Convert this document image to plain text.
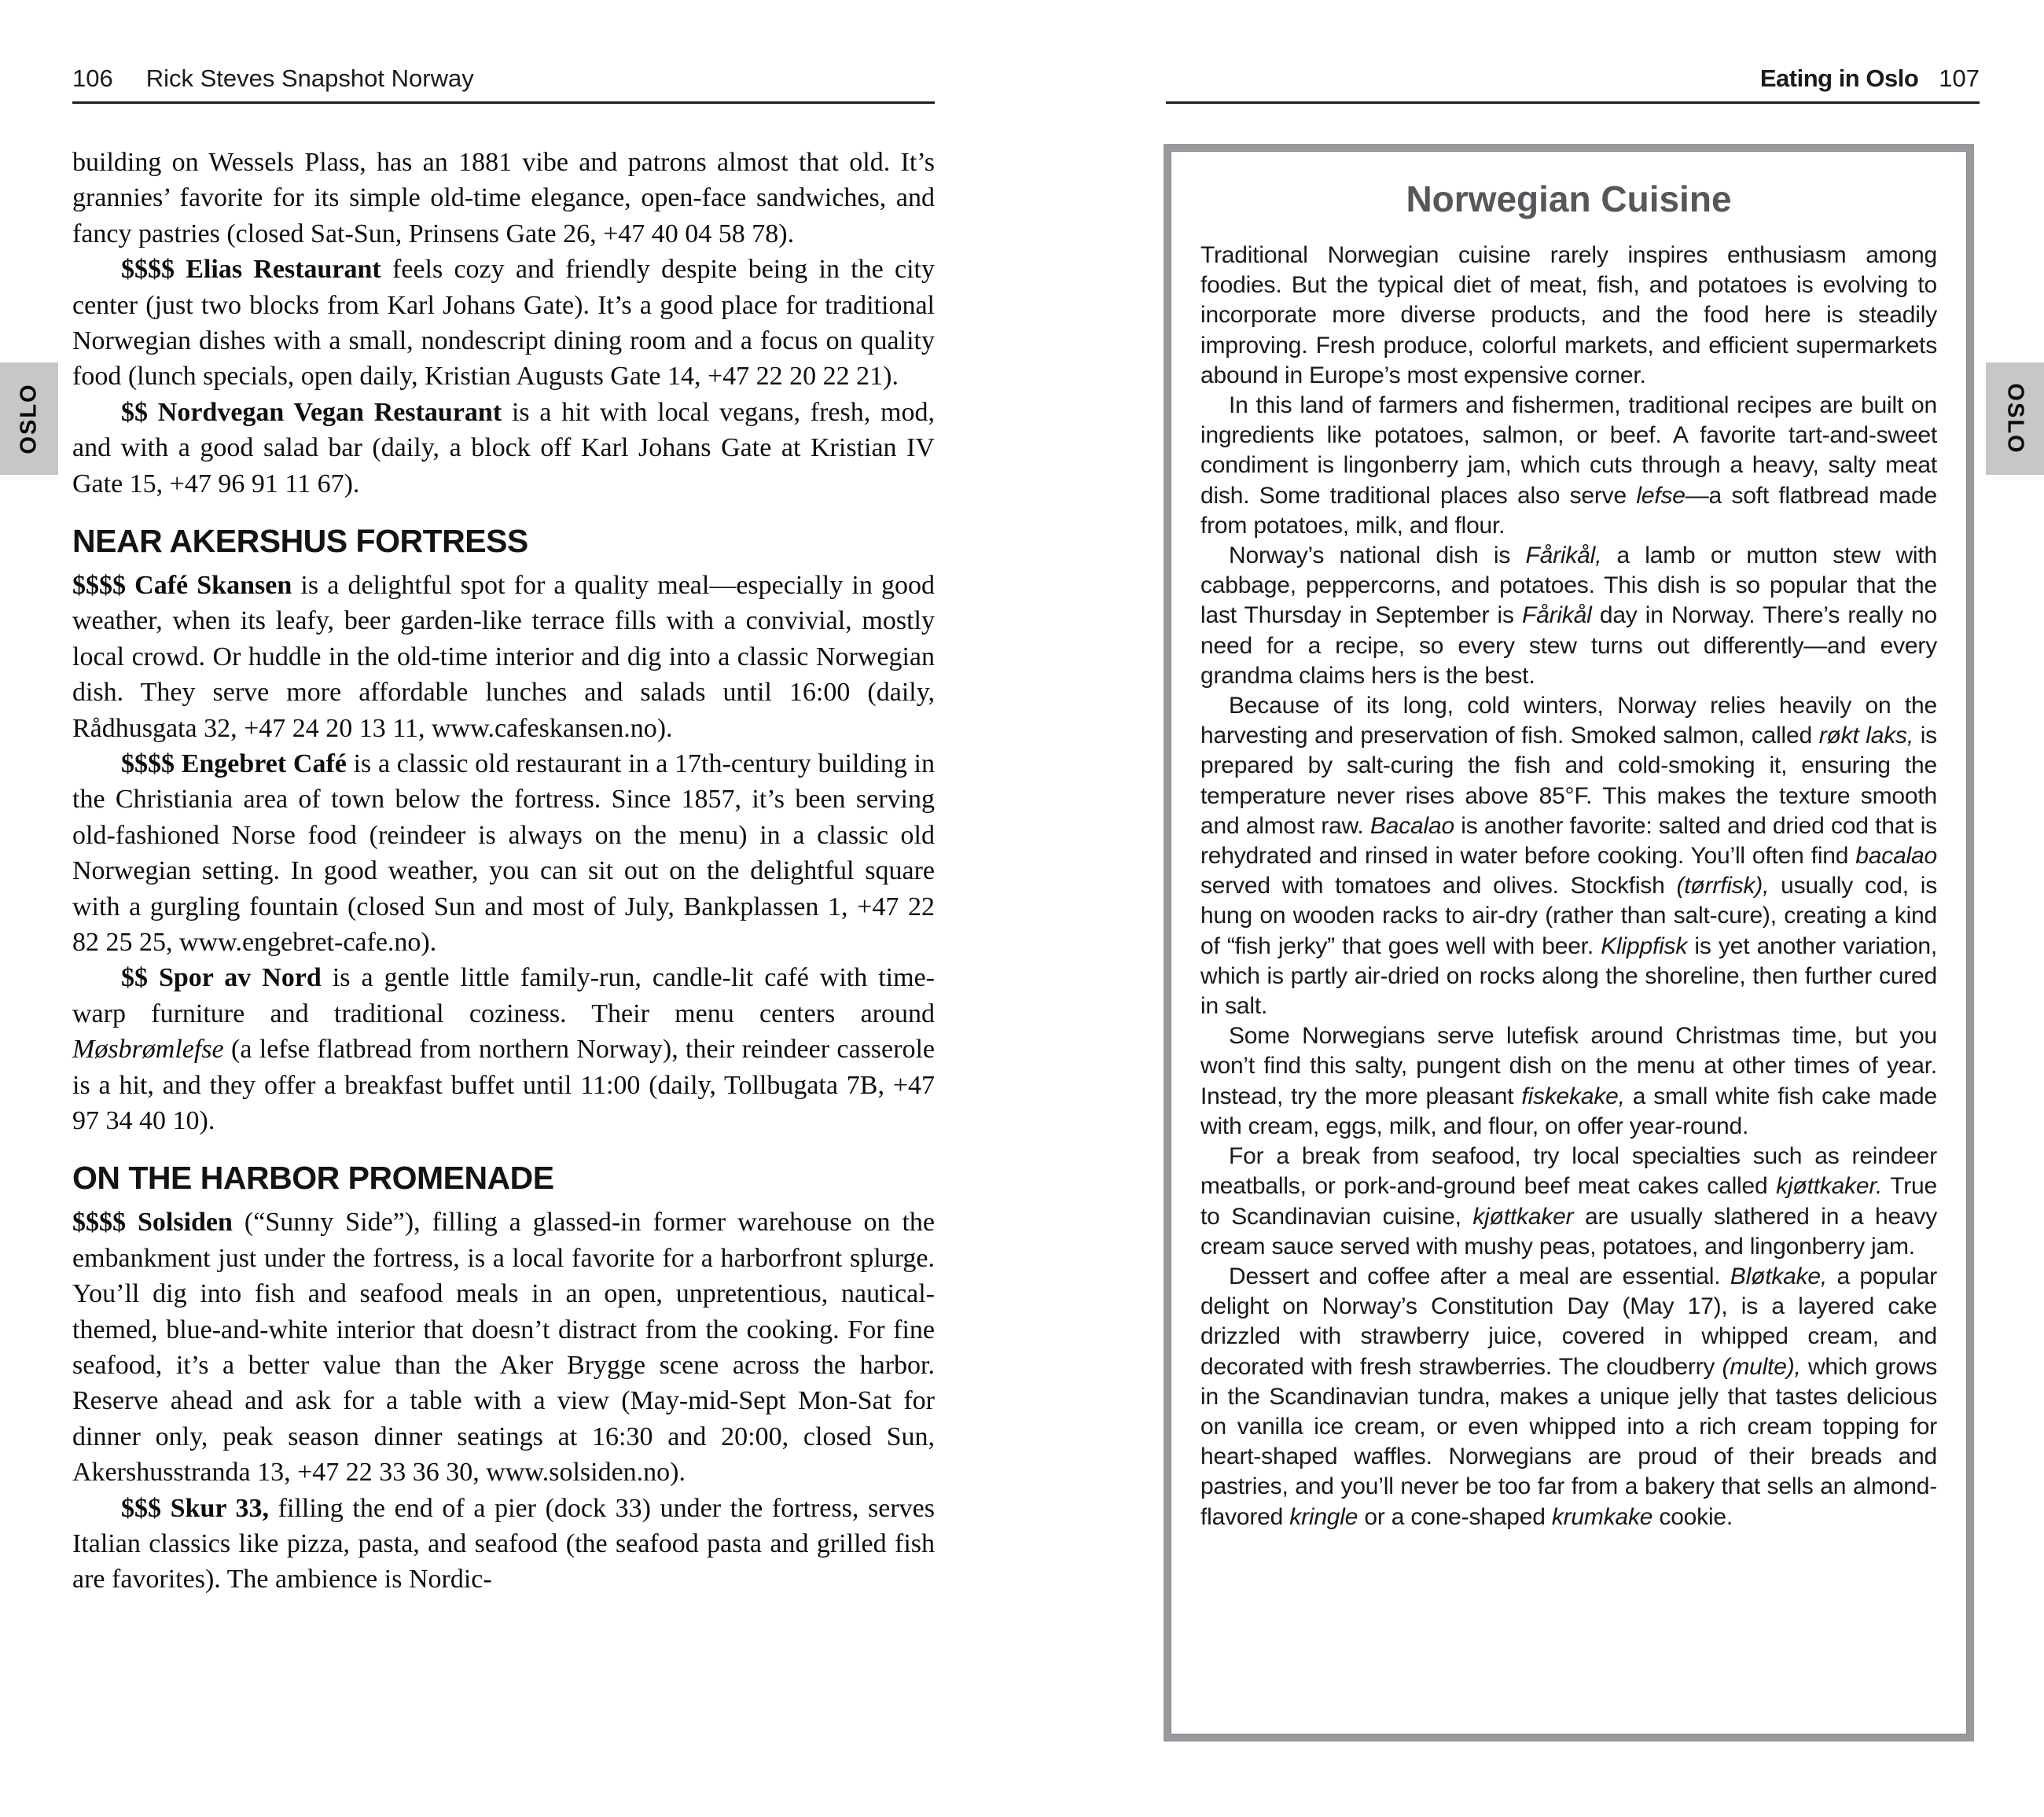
106 Rick Steves Snapshot Norway	Eating in Oslo 107
OSLO	OSLO

building on Wessels Plass, has an 1881 vibe and patrons almost that old. It’s grannies’ favorite for its simple old-time elegance, open-face sandwiches, and fancy pastries (closed Sat-Sun, Prinsens Gate 26, +47 40 04 58 78).

$$$$ Elias Restaurant feels cozy and friendly despite being in the city center (just two blocks from Karl Johans Gate). It’s a good place for traditional Norwegian dishes with a small, nondescript dining room and a focus on quality food (lunch specials, open daily, Kristian Augusts Gate 14, +47 22 20 22 21).

$$ Nordvegan Vegan Restaurant is a hit with local vegans, fresh, mod, and with a good salad bar (daily, a block off Karl Johans Gate at Kristian IV Gate 15, +47 96 91 11 67).

NEAR AKERSHUS FORTRESS

$$$$ Café Skansen is a delightful spot for a quality meal—especially in good weather, when its leafy, beer garden-like terrace fills with a convivial, mostly local crowd. Or huddle in the old-time interior and dig into a classic Norwegian dish. They serve more affordable lunches and salads until 16:00 (daily, Rådhusgata 32, +47 24 20 13 11, www.cafeskansen.no).

$$$$ Engebret Café is a classic old restaurant in a 17th-century building in the Christiania area of town below the fortress. Since 1857, it’s been serving old-fashioned Norse food (reindeer is always on the menu) in a classic old Norwegian setting. In good weather, you can sit out on the delightful square with a gurgling fountain (closed Sun and most of July, Bankplassen 1, +47 22 82 25 25, www.engebret-cafe.no).

$$ Spor av Nord is a gentle little family-run, candle-lit café with time-warp furniture and traditional coziness. Their menu centers around Møsbrømlefse (a lefse flatbread from northern Norway), their reindeer casserole is a hit, and they offer a breakfast buffet until 11:00 (daily, Tollbugata 7B, +47 97 34 40 10).

ON THE HARBOR PROMENADE

$$$$ Solsiden (“Sunny Side”), filling a glassed-in former warehouse on the embankment just under the fortress, is a local favorite for a harborfront splurge. You’ll dig into fish and seafood meals in an open, unpretentious, nautical-themed, blue-and-white interior that doesn’t distract from the cooking. For fine seafood, it’s a better value than the Aker Brygge scene across the harbor. Reserve ahead and ask for a table with a view (May-mid-Sept Mon-Sat for dinner only, peak season dinner seatings at 16:30 and 20:00, closed Sun, Akershusstranda 13, +47 22 33 36 30, www.solsiden.no).

$$$ Skur 33, filling the end of a pier (dock 33) under the fortress, serves Italian classics like pizza, pasta, and seafood (the seafood pasta and grilled fish are favorites). The ambience is Nordic-

Norwegian Cuisine

Traditional Norwegian cuisine rarely inspires enthusiasm among foodies. But the typical diet of meat, fish, and potatoes is evolving to incorporate more diverse products, and the food here is steadily improving. Fresh produce, colorful markets, and efficient supermarkets abound in Europe’s most expensive corner.

In this land of farmers and fishermen, traditional recipes are built on ingredients like potatoes, salmon, or beef. A favorite tart-and-sweet condiment is lingonberry jam, which cuts through a heavy, salty meat dish. Some traditional places also serve lefse—a soft flatbread made from potatoes, milk, and flour.

Norway’s national dish is Fårikål, a lamb or mutton stew with cabbage, peppercorns, and potatoes. This dish is so popular that the last Thursday in September is Fårikål day in Norway. There’s really no need for a recipe, so every stew turns out differently—and every grandma claims hers is the best.

Because of its long, cold winters, Norway relies heavily on the harvesting and preservation of fish. Smoked salmon, called røkt laks, is prepared by salt-curing the fish and cold-smoking it, ensuring the temperature never rises above 85°F. This makes the texture smooth and almost raw. Bacalao is another favorite: salted and dried cod that is rehydrated and rinsed in water before cooking. You’ll often find bacalao served with tomatoes and olives. Stockfish (tørrfisk), usually cod, is hung on wooden racks to air-dry (rather than salt-cure), creating a kind of “fish jerky” that goes well with beer. Klippfisk is yet another variation, which is partly air-dried on rocks along the shoreline, then further cured in salt.

Some Norwegians serve lutefisk around Christmas time, but you won’t find this salty, pungent dish on the menu at other times of year. Instead, try the more pleasant fiskekake, a small white fish cake made with cream, eggs, milk, and flour, on offer year-round.

For a break from seafood, try local specialties such as reindeer meatballs, or pork-and-ground beef meat cakes called kjøttkaker. True to Scandinavian cuisine, kjøttkaker are usually slathered in a heavy cream sauce served with mushy peas, potatoes, and lingonberry jam.

Dessert and coffee after a meal are essential. Bløtkake, a popular delight on Norway’s Constitution Day (May 17), is a layered cake drizzled with strawberry juice, covered in whipped cream, and decorated with fresh strawberries. The cloudberry (multe), which grows in the Scandinavian tundra, makes a unique jelly that tastes delicious on vanilla ice cream, or even whipped into a rich cream topping for heart-shaped waffles. Norwegians are proud of their breads and pastries, and you’ll never be too far from a bakery that sells an almond-flavored kringle or a cone-shaped krumkake cookie.
